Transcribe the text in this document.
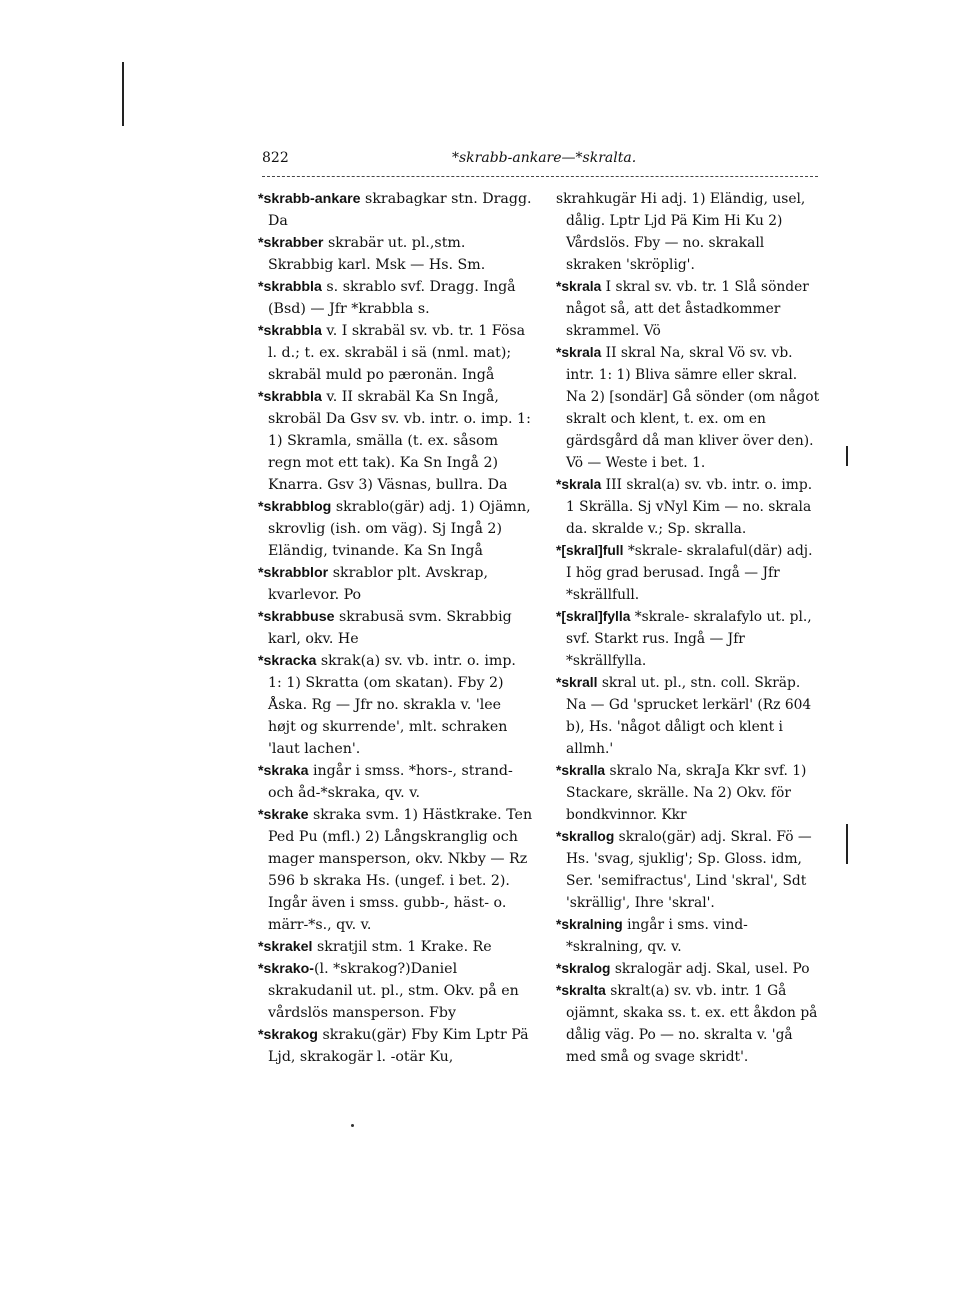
822	*skrabb-ankare—*skralta.

*skrabb-ankare skrabagkar stn. Dragg. Da

*skrabber skrabär ut. pl.,stm. Skrabbig karl. Msk — Hs. Sm.

*skrabbla s. skrablo svf. Dragg. Ingå (Bsd) — Jfr *krabbla s.

*skrabbla v. I skrabäl sv. vb. tr. 1 Fösa l. d.; t. ex. skrabäl i sä (nml. mat); skrabäl muld po pæronän. Ingå

*skrabbla v. II skrabäl Ka Sn Ingå, skrobäl Da Gsv sv. vb. intr. o. imp. 1: 1) Skramla, smälla (t. ex. såsom regn mot ett tak). Ka Sn Ingå 2) Knarra. Gsv 3) Väsnas, bullra. Da

*skrabblog skrablo(gär) adj. 1) Ojämn, skrovlig (ish. om väg). Sj Ingå 2) Eländig, tvinande. Ka Sn Ingå

*skrabblor skrablor plt. Avskrap, kvarlevor. Po

*skrabbuse skrabusä svm. Skrabbig karl, okv. He

*skracka skrak(a) sv. vb. intr. o. imp. 1: 1) Skratta (om skatan). Fby 2) Åska. Rg — Jfr no. skrakla v. 'lee højt og skurrende', mlt. schraken 'laut lachen'.

*skraka ingår i smss. *hors-, strand- och åd-*skraka, qv. v.

*skrake skraka svm. 1) Hästkrake. Ten Ped Pu (mfl.) 2) Långskranglig och mager mansperson, okv. Nkby — Rz 596 b skraka Hs. (ungef. i bet. 2). Ingår även i smss. gubb-, häst- o. märr-*s., qv. v.

*skrakel skratjil stm. 1 Krake. Re

*skrako-(l. *skrakog?)Daniel skrakudanil ut. pl., stm. Okv. på en vårdslös mansperson. Fby

*skrakog skraku(gär) Fby Kim Lptr Pä Ljd, skrakogär l. -otär Ku,

skrahkugär Hi adj. 1) Eländig, usel, dålig. Lptr Ljd Pä Kim Hi Ku 2) Vårdslös. Fby — no. skrakall skraken 'skröplig'.

*skrala I skral sv. vb. tr. 1 Slå sönder något så, att det åstadkommer skrammel. Vö

*skrala II skral Na, skral Vö sv. vb. intr. 1: 1) Bliva sämre eller skral. Na 2) [sondär] Gå sönder (om något skralt och klent, t. ex. om en gärdsgård då man kliver över den). Vö — Weste i bet. 1.

*skrala III skral(a) sv. vb. intr. o. imp. 1 Skrälla. Sj vNyl Kim — no. skrala da. skralde v.; Sp. skralla.

*[skral]full *skrale- skralaful(där) adj. I hög grad berusad. Ingå — Jfr *skrällfull.

*[skral]fylla *skrale- skralafylo ut. pl., svf. Starkt rus. Ingå — Jfr *skrällfylla.

*skrall skral ut. pl., stn. coll. Skräp. Na — Gd 'sprucket lerkärl' (Rz 604 b), Hs. 'något dåligt och klent i allmh.'

*skralla skralo Na, skraJa Kkr svf. 1) Stackare, skrälle. Na 2) Okv. för bondkvinnor. Kkr

*skrallog skralo(gär) adj. Skral. Fö — Hs. 'svag, sjuklig'; Sp. Gloss. idm, Ser. 'semifractus', Lind 'skral', Sdt 'skrällig', Ihre 'skral'.

*skralning ingår i sms. vind-*skralning, qv. v.

*skralog skralogär adj. Skal, usel. Po

*skralta skralt(a) sv. vb. intr. 1 Gå ojämnt, skaka ss. t. ex. ett åkdon på dålig väg. Po — no. skralta v. 'gå med små og svage skridt'.
